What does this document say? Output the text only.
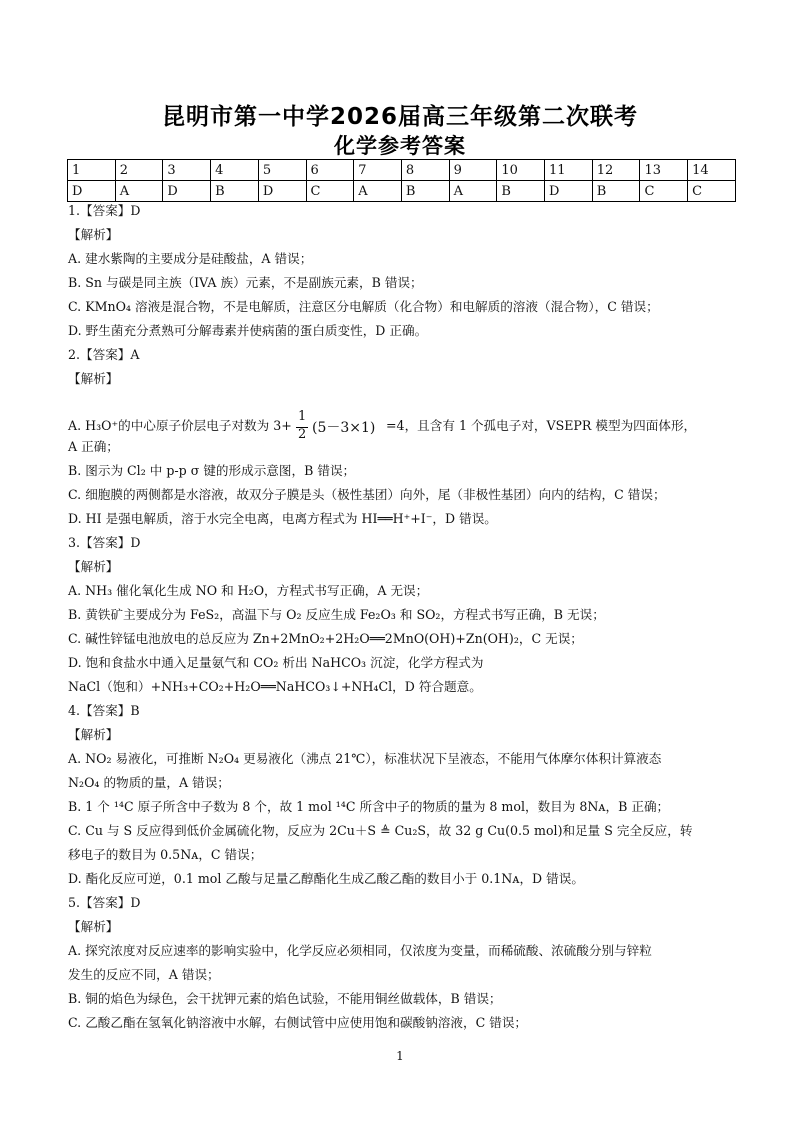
昆明市第一中学2026届高三年级第二次联考
化学参考答案
1	2	3	4	5	6	7	8	9	10	11	12	13	14
D	A	D	B	D	C	A	B	A	B	D	B	C	C
1.【答案】D
【解析】
A. 建水紫陶的主要成分是硅酸盐，A 错误；
B. Sn 与碳是同主族（IVA 族）元素，不是副族元素，B 错误；
C. KMnO₄ 溶液是混合物，不是电解质，注意区分电解质（化合物）和电解质的溶液（混合物），C 错误；
D. 野生菌充分煮熟可分解毒素并使病菌的蛋白质变性，D 正确。
2.【答案】A
【解析】
A. H₃O⁺的中心原子价层电子对数为 3+	=4，且含有 1 个孤电子对，VSEPR 模型为四面体形，
A 正确；
B. 图示为 Cl₂ 中 p-p σ 键的形成示意图，B 错误；
C. 细胞膜的两侧都是水溶液，故双分子膜是头（极性基团）向外，尾（非极性基团）向内的结构，C 错误；
D. HI 是强电解质，溶于水完全电离，电离方程式为 HI══H⁺+I⁻，D 错误。
3.【答案】D
【解析】
A. NH₃ 催化氧化生成 NO 和 H₂O，方程式书写正确，A 无误；
B. 黄铁矿主要成分为 FeS₂，高温下与 O₂ 反应生成 Fe₂O₃ 和 SO₂，方程式书写正确，B 无误；
C. 碱性锌锰电池放电的总反应为 Zn+2MnO₂+2H₂O══2MnO(OH)+Zn(OH)₂，C 无误；
D. 饱和食盐水中通入足量氨气和 CO₂ 析出 NaHCO₃ 沉淀，化学方程式为
NaCl（饱和）+NH₃+CO₂+H₂O══NaHCO₃↓+NH₄Cl，D 符合题意。
4.【答案】B
【解析】
A. NO₂ 易液化，可推断 N₂O₄ 更易液化（沸点 21℃），标准状况下呈液态，不能用气体摩尔体积计算液态
N₂O₄ 的物质的量，A 错误；
B. 1 个 ¹⁴C 原子所含中子数为 8 个，故 1 mol ¹⁴C 所含中子的物质的量为 8 mol，数目为 8Nᴀ，B 正确；
C. Cu 与 S 反应得到低价金属硫化物，反应为 2Cu＋S ≜ Cu₂S，故 32 g Cu(0.5 mol)和足量 S 完全反应，转
移电子的数目为 0.5Nᴀ，C 错误；
D. 酯化反应可逆，0.1 mol 乙酸与足量乙醇酯化生成乙酸乙酯的数目小于 0.1Nᴀ，D 错误。
5.【答案】D
【解析】
A. 探究浓度对反应速率的影响实验中，化学反应必须相同，仅浓度为变量，而稀硫酸、浓硫酸分别与锌粒
发生的反应不同，A 错误；
B. 铜的焰色为绿色，会干扰钾元素的焰色试验，不能用铜丝做载体，B 错误；
C. 乙酸乙酯在氢氧化钠溶液中水解，右侧试管中应使用饱和碳酸钠溶液，C 错误；
1
2 (5－3×1)
1
